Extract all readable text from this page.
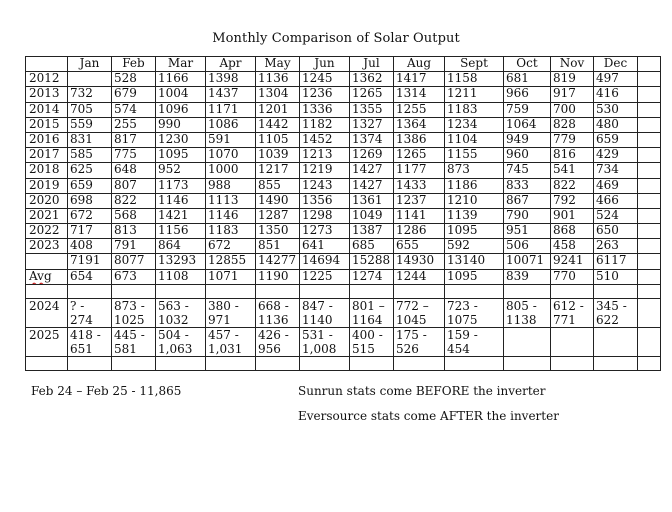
Monthly Comparison of Solar Output
	Jan	Feb	Mar	Apr	May	Jun	Jul	Aug	Sept	Oct	Nov	Dec	
2012		528	1166	1398	1136	1245	1362	1417	1158	681	819	497	
2013	732	679	1004	1437	1304	1236	1265	1314	1211	966	917	416	
2014	705	574	1096	1171	1201	1336	1355	1255	1183	759	700	530	
2015	559	255	990	1086	1442	1182	1327	1364	1234	1064	828	480	
2016	831	817	1230	591	1105	1452	1374	1386	1104	949	779	659	
2017	585	775	1095	1070	1039	1213	1269	1265	1155	960	816	429	
2018	625	648	952	1000	1217	1219	1427	1177	873	745	541	734	
2019	659	807	1173	988	855	1243	1427	1433	1186	833	822	469	
2020	698	822	1146	1113	1490	1356	1361	1237	1210	867	792	466	
2021	672	568	1421	1146	1287	1298	1049	1141	1139	790	901	524	
2022	717	813	1156	1183	1350	1273	1387	1286	1095	951	868	650	
2023	408	791	864	672	851	641	685	655	592	506	458	263	
	7191	8077	13293	12855	14277	14694	15288	14930	13140	10071	9241	6117	
Avg	654	673	1108	1071	1190	1225	1274	1244	1095	839	770	510	

2024	? - 274	873 - 1025	563 - 1032	380 - 971	668 - 1136	847 - 1140	801 – 1164	772 – 1045	723 - 1075	805 - 1138	612 - 771	345 - 622	
2025	418 - 651	445 - 581	504 - 1,063	457 - 1,031	426 - 956	531 - 1,008	400 - 515	175 - 526	159 - 454				

Feb 24 – Feb 25 - 11,865	Sunrun stats come BEFORE the inverter
Eversource stats come AFTER the inverter
